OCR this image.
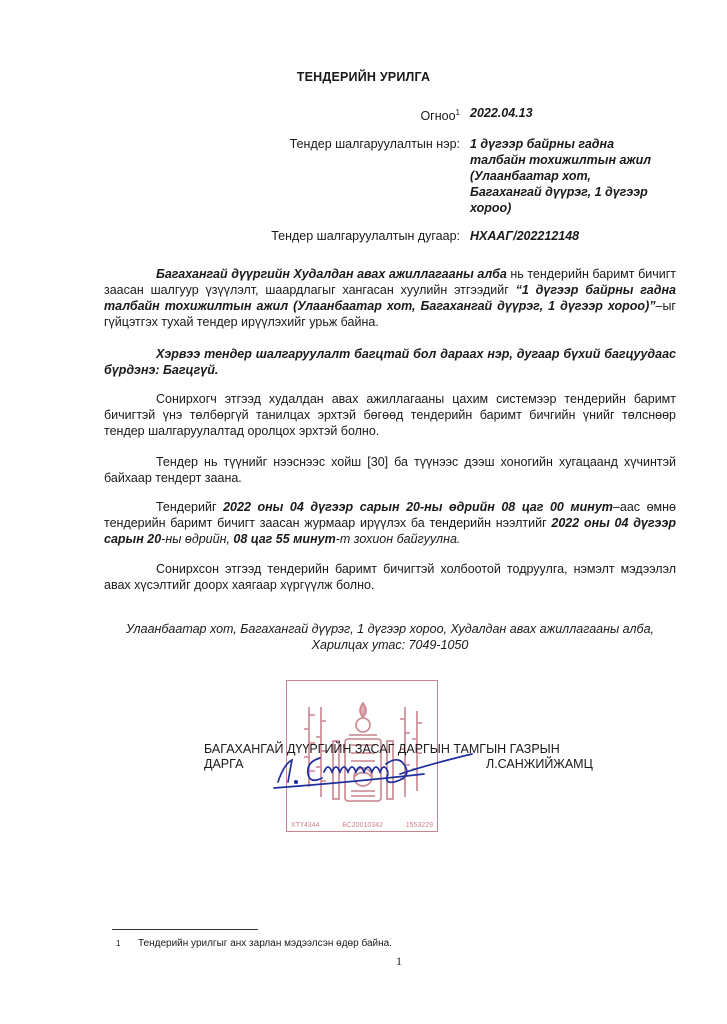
ТЕНДЕРИЙН УРИЛГА
Огноо$^1$ 2022.04.13
Тендер шалгаруулалтын нэр: 1 дүгээр байрны гадна
талбайн тохижилтын ажил
(Улаанбаатар хот,
Багахангай дүүрэг, 1 дүгээр
хороо)
Тендер шалгаруулалтын дугаар: НХААГ/202212148
Багахангай дүүргийн Худалдан авах ажиллагааны алба нь тендерийн баримт бичигт заасан шалгуур үзүүлэлт, шаардлагыг хангасан хуулийн этгээдийг “1 дүгээр байрны гадна талбайн тохижилтын ажил (Улаанбаатар хот, Багахангай дүүрэг, 1 дүгээр хороо)”–ыг гүйцэтгэх тухай тендер ирүүлэхийг урьж байна.
Хэрвээ тендер шалгаруулалт багцтай бол дараах нэр, дугаар бүхий багцуудаас бүрдэнэ: Багцгүй.
Сонирхогч этгээд худалдан авах ажиллагааны цахим системээр тендерийн баримт бичигтэй үнэ төлбөргүй танилцах эрхтэй бөгөөд тендерийн баримт бичгийн үнийг төлснөөр тендер шалгаруулалтад оролцох эрхтэй болно.
Тендер нь түүнийг нээснээс хойш [30] ба түүнээс дээш хоногийн хугацаанд хүчинтэй байхаар тендерт заана.
Тендерийг 2022 оны 04 дүгээр сарын 20-ны өдрийн 08 цаг 00 минут–аас өмнө тендерийн баримт бичигт заасан журмаар ирүүлэх ба тендерийн нээлтийг 2022 оны 04 дүгээр сарын 20-ны өдрийн, 08 цаг 55 минут-т зохион байгуулна.
Сонирхсон этгээд тендерийн баримт бичигтэй холбоотой тодруулга, нэмэлт мэдээлэл авах хүсэлтийг доорх хаягаар хүргүүлж болно.
Улаанбаатар хот, Багахангай дүүрэг, 1 дүгээр хороо, Худалдан авах ажиллагааны алба,
Харилцах утас: 7049-1050
ХТҮ4344	БС20010342	1553229
БАГАХАНГАЙ ДҮҮРГИЙН ЗАСАГ ДАРГЫН ТАМГЫН ГАЗРЫН
ДАРГА	Л.САНЖИЙЖАМЦ
1 Тендерийн урилгыг анх зарлан мэдээлсэн өдөр байна.
1
